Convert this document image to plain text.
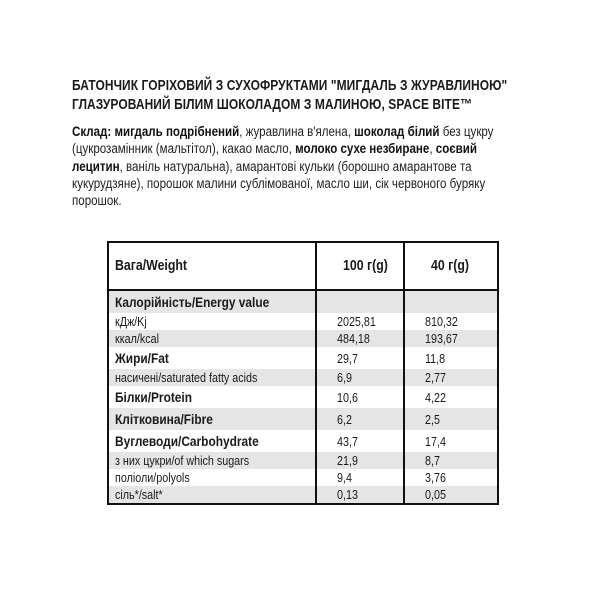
БАТОНЧИК ГОРІХОВИЙ З СУХОФРУКТАМИ "МИГДАЛЬ З ЖУРАВЛИНОЮ"
ГЛАЗУРОВАНИЙ БІЛИМ ШОКОЛАДОМ З МАЛИНОЮ, SPACE BITE™
Склад: мигдаль подрібнений, журавлина в'ялена, шоколад білий без цукру
(цукрозамінник (мальтітол), какао масло, молоко сухе незбиране, соєвий
лецитин, ваніль натуральна), амарантові кульки (борошно амарантове та
кукурудзяне), порошок малини сублімованої, масло ши, сік червоного буряку
порошок.
Вага/Weight	100 г(g)	40 г(g)
Калорійність/Energy value		
кДж/Kj	2025,81	810,32
ккал/kcal	484,18	193,67
Жири/Fat	29,7	11,8
насичені/saturated fatty acids	6,9	2,77
Білки/Protein	10,6	4,22
Клітковина/Fibre	6,2	2,5
Вуглеводи/Carbohydrate	43,7	17,4
з них цукри/of which sugars	21,9	8,7
поліоли/polyols	9,4	3,76
сіль*/salt*	0,13	0,05
